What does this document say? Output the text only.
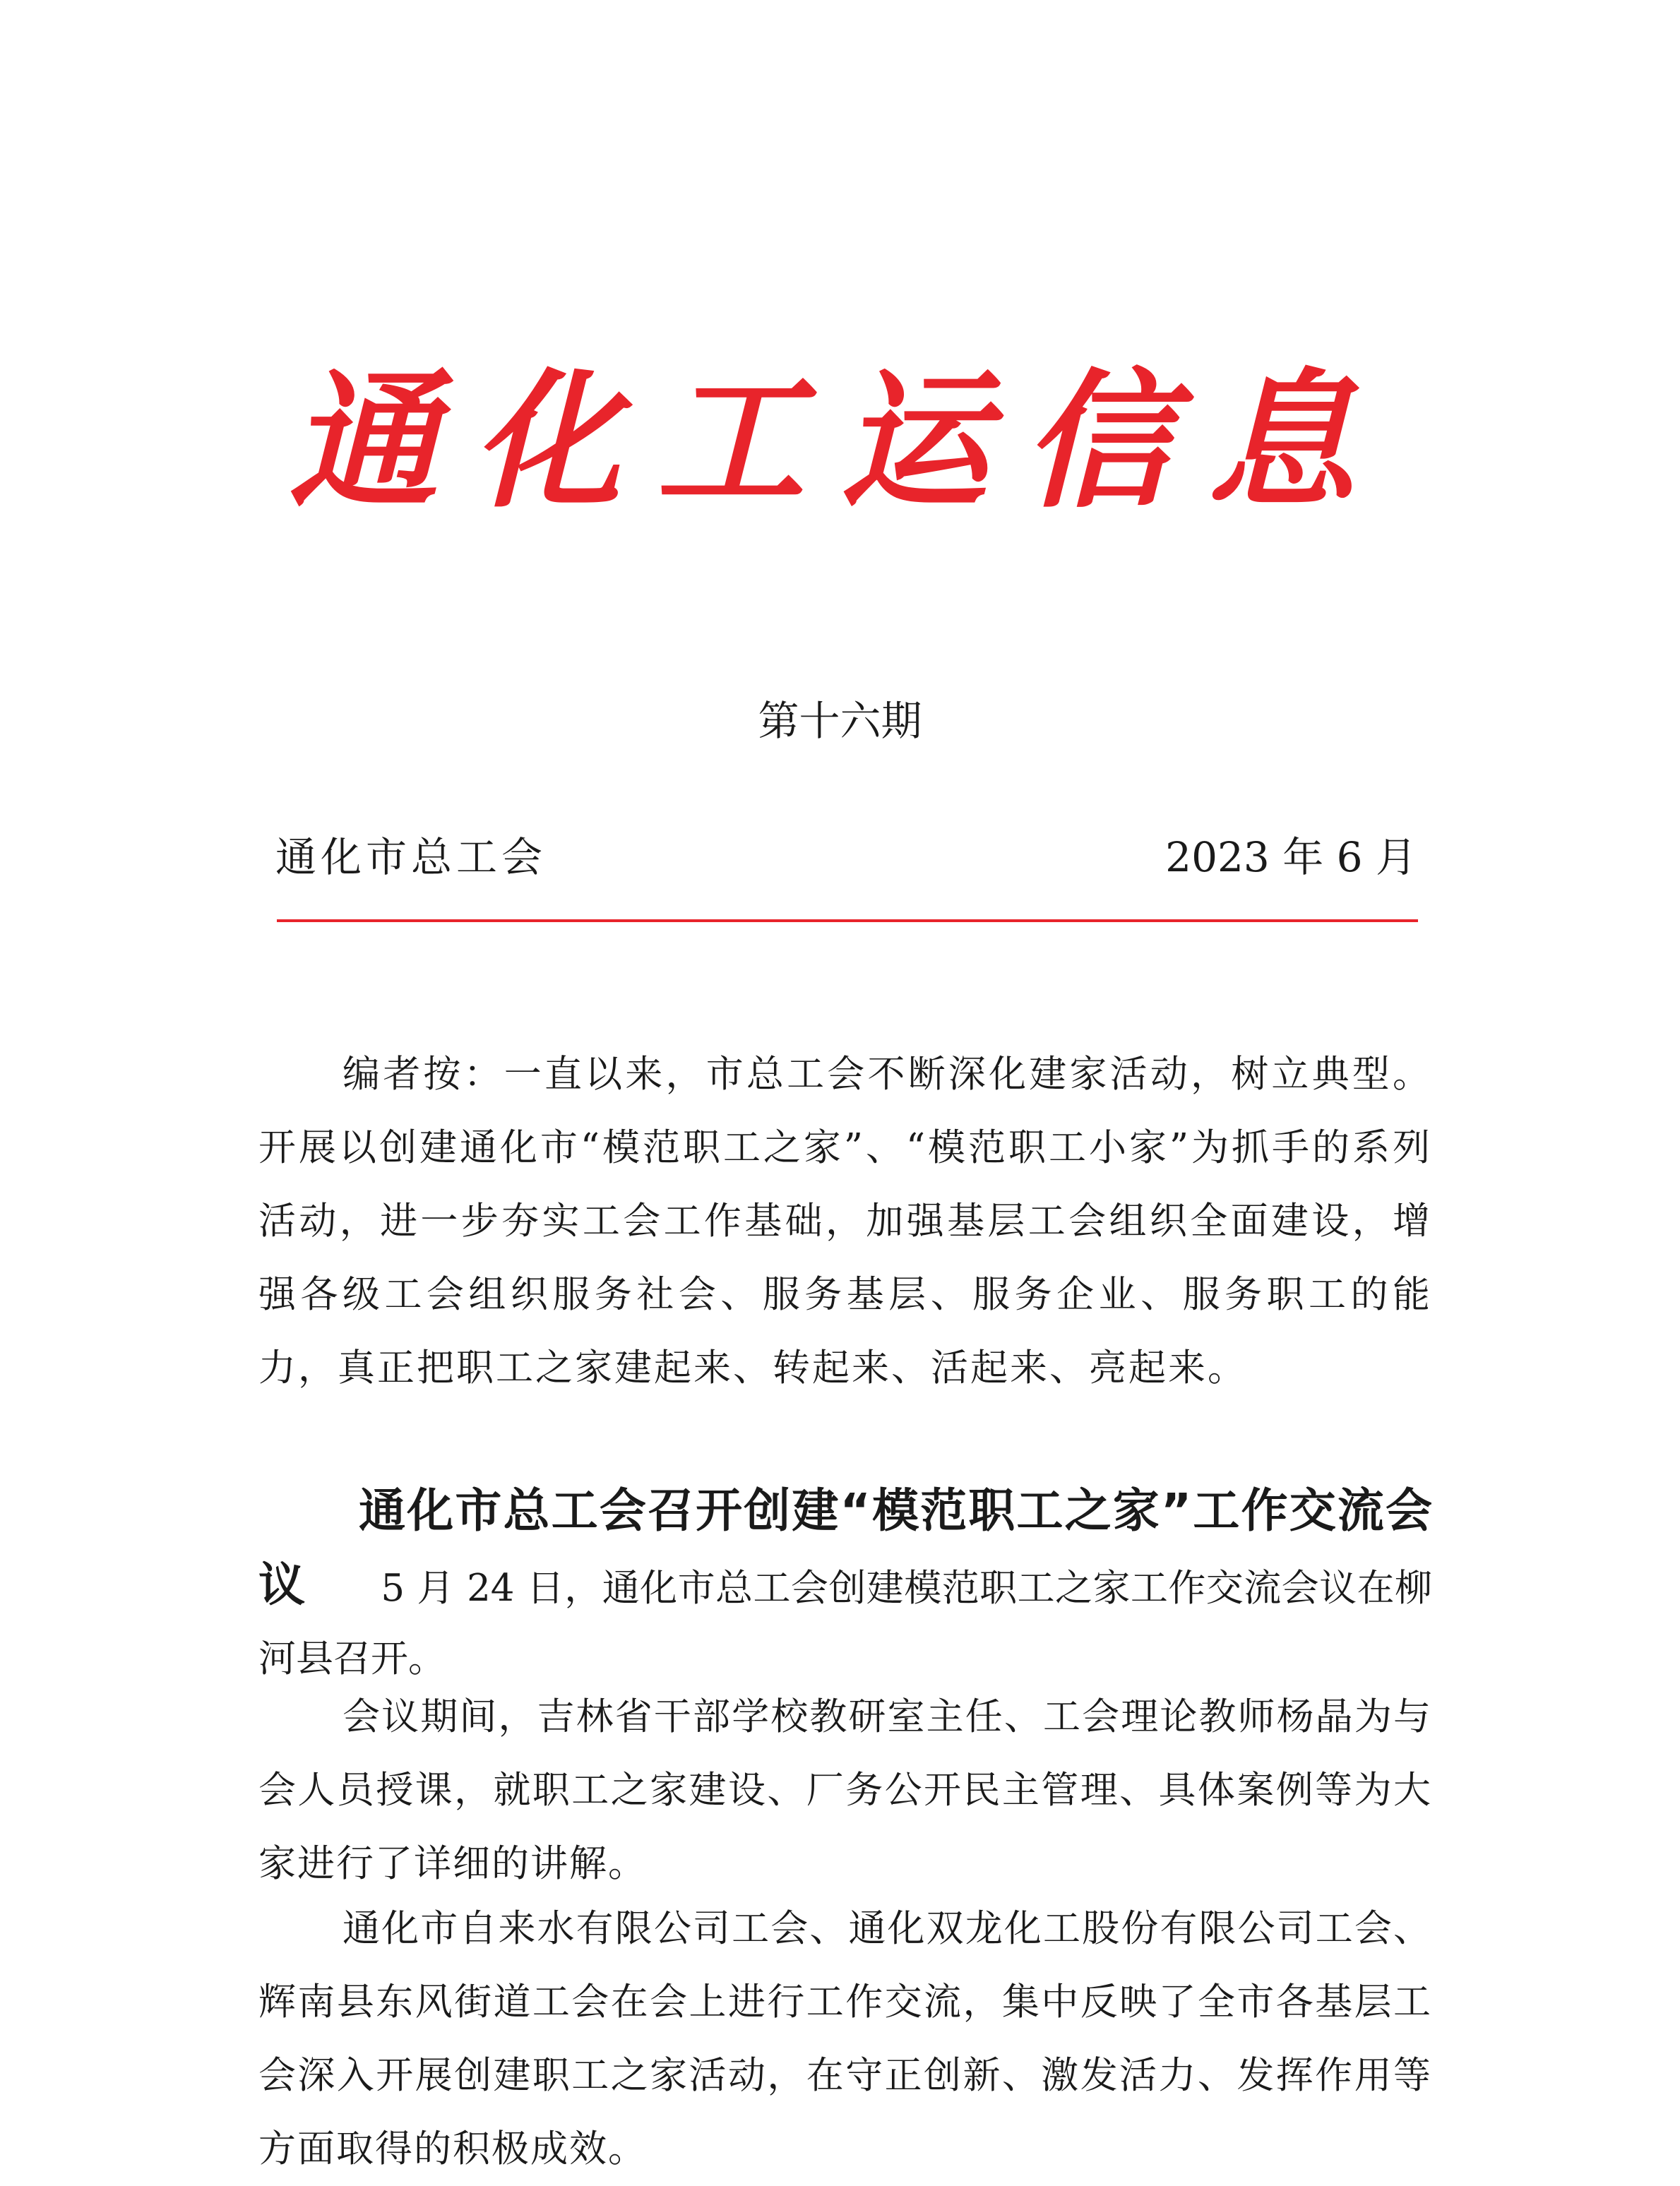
通化工运信息
第十六期
通化市总工会	2023 年 6 月

编者按：一直以来，市总工会不断深化建家活动，树立典型。开展以创建通化市“模范职工之家”、“模范职工小家”为抓手的系列活动，进一步夯实工会工作基础，加强基层工会组织全面建设，增强各级工会组织服务社会、服务基层、服务企业、服务职工的能力，真正把职工之家建起来、转起来、活起来、亮起来。

通化市总工会召开创建“模范职工之家”工作交流会议　　 5 月 24 日，通化市总工会创建模范职工之家工作交流会议在柳河县召开。

会议期间，吉林省干部学校教研室主任、工会理论教师杨晶为与会人员授课，就职工之家建设、厂务公开民主管理、具体案例等为大家进行了详细的讲解。

通化市自来水有限公司工会、通化双龙化工股份有限公司工会、辉南县东风街道工会在会上进行工作交流，集中反映了全市各基层工会深入开展创建职工之家活动，在守正创新、激发活力、发挥作用等方面取得的积极成效。
